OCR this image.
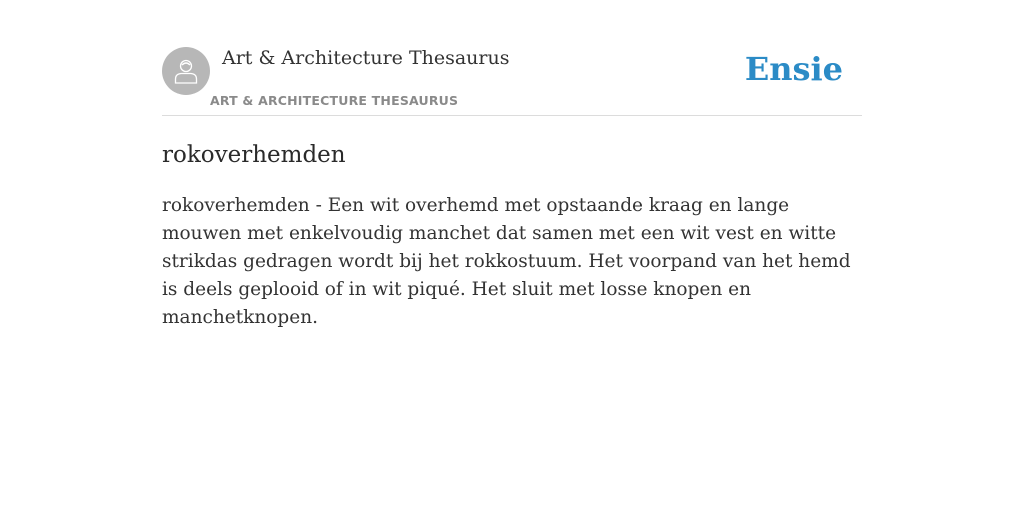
Art & Architecture Thesaurus
ART & ARCHITECTURE THESAURUS
Ensie
rokoverhemden

rokoverhemden - Een wit overhemd met opstaande kraag en lange mouwen met enkelvoudig manchet dat samen met een wit vest en witte strikdas gedragen wordt bij het rokkostuum. Het voorpand van het hemd is deels geplooid of in wit piqué. Het sluit met losse knopen en manchetknopen.
